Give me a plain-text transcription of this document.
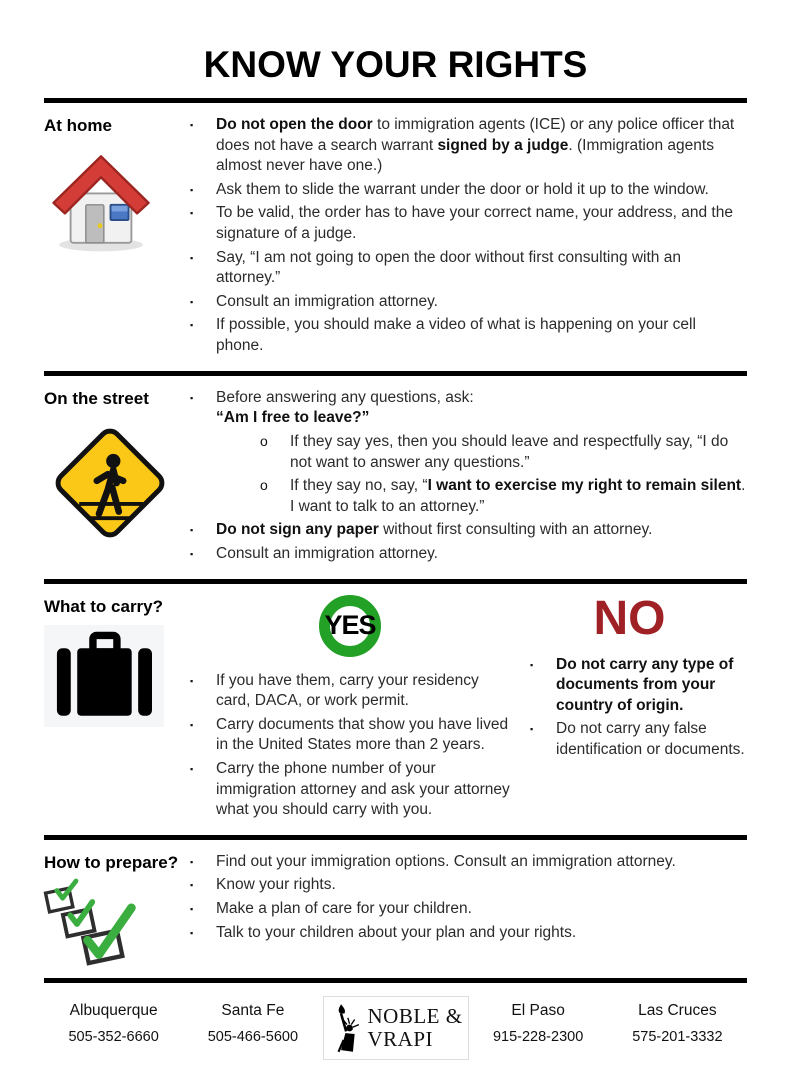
KNOW YOUR RIGHTS
At home	▪	Do not open the door to immigration agents (ICE) or any police officer that does not have a search warrant signed by a judge. (Immigration agents almost never have one.)
▪	Ask them to slide the warrant under the door or hold it up to the window.
▪	To be valid, the order has to have your correct name, your address, and the signature of a judge.
▪	Say, “I am not going to open the door without first consulting with an attorney.”
▪	Consult an immigration attorney.
▪	If possible, you should make a video of what is happening on your cell phone.
On the street	▪	Before answering any questions, ask:
“Am I free to leave?”
o	If they say yes, then you should leave and respectfully say, “I do not want to answer any questions.”
o	If they say no, say, “I want to exercise my right to remain silent. I want to talk to an attorney.”
▪	Do not sign any paper without first consulting with an attorney.
▪	Consult an immigration attorney.
What to carry?
YES
▪	If you have them, carry your residency card, DACA, or work permit.
▪	Carry documents that show you have lived in the United States more than 2 years.
▪	Carry the phone number of your immigration attorney and ask your attorney what you should carry with you.
NO
▪	Do not carry any type of documents from your country of origin.
▪	Do not carry any false identification or documents.
How to prepare?	▪	Find out your immigration options. Consult an immigration attorney.
▪	Know your rights.
▪	Make a plan of care for your children.
▪	Talk to your children about your plan and your rights.
Albuquerque
505-352-6660
Santa Fe
505-466-5600
NOBLE &
VRAPI
El Paso
915-228-2300
Las Cruces
575-201-3332
